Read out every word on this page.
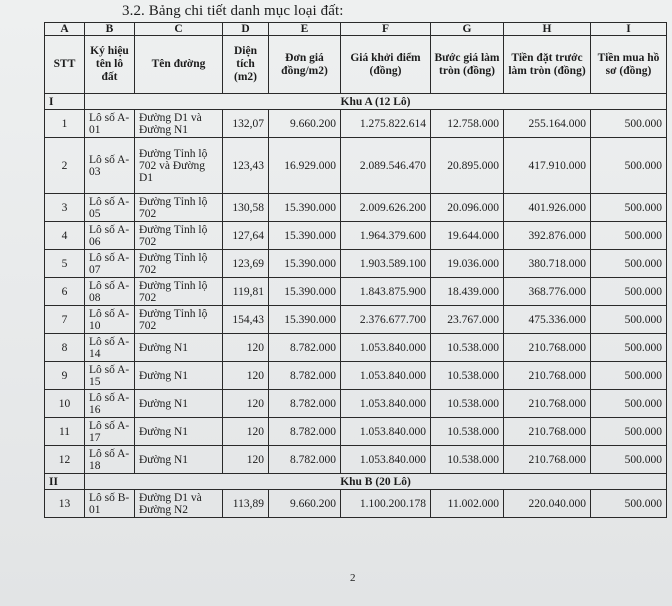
3.2. Bảng chi tiết danh mục loại đất:
A	B	C	D	E	F	G	H	I
STT	Ký hiệu tên lô đất	Tên đường	Diện tích (m2)	Đơn giá đồng/m2)	Giá khởi điểm (đồng)	Bước giá làm tròn (đồng)	Tiền đặt trước làm tròn (đồng)	Tiền mua hồ sơ (đồng)
I	Khu A (12 Lô)							
1	Lô số A-01	Đường D1 và Đường N1	132,07	9.660.200	1.275.822.614	12.758.000	255.164.000	500.000
2	Lô số A-03	Đường Tỉnh lộ 702 và Đường D1	123,43	16.929.000	2.089.546.470	20.895.000	417.910.000	500.000
3	Lô số A-05	Đường Tỉnh lộ 702	130,58	15.390.000	2.009.626.200	20.096.000	401.926.000	500.000
4	Lô số A-06	Đường Tỉnh lộ 702	127,64	15.390.000	1.964.379.600	19.644.000	392.876.000	500.000
5	Lô số A-07	Đường Tỉnh lộ 702	123,69	15.390.000	1.903.589.100	19.036.000	380.718.000	500.000
6	Lô số A-08	Đường Tỉnh lộ 702	119,81	15.390.000	1.843.875.900	18.439.000	368.776.000	500.000
7	Lô số A-10	Đường Tỉnh lộ 702	154,43	15.390.000	2.376.677.700	23.767.000	475.336.000	500.000
8	Lô số A-14	Đường N1	120	8.782.000	1.053.840.000	10.538.000	210.768.000	500.000
9	Lô số A-15	Đường N1	120	8.782.000	1.053.840.000	10.538.000	210.768.000	500.000
10	Lô số A-16	Đường N1	120	8.782.000	1.053.840.000	10.538.000	210.768.000	500.000
11	Lô số A-17	Đường N1	120	8.782.000	1.053.840.000	10.538.000	210.768.000	500.000
12	Lô số A-18	Đường N1	120	8.782.000	1.053.840.000	10.538.000	210.768.000	500.000
II	Khu B (20 Lô)							
13	Lô số B-01	Đường D1 và Đường N2	113,89	9.660.200	1.100.200.178	11.002.000	220.040.000	500.000
2
